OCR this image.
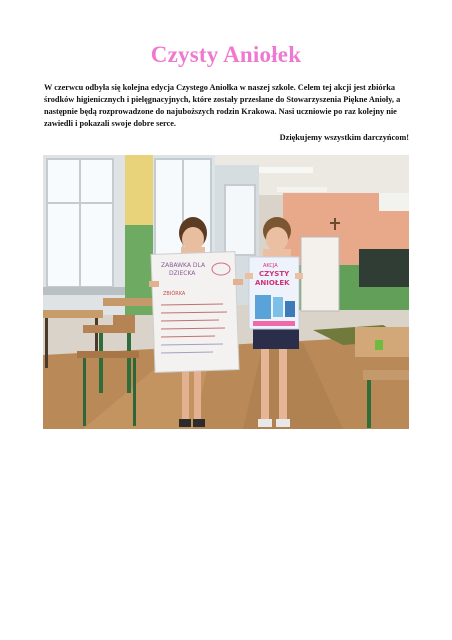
Czysty Aniołek
W czerwcu odbyła się kolejna edycja Czystego Aniołka w naszej szkole. Celem tej akcji jest zbiórka środków higienicznych i pielęgnacyjnych, które zostały przesłane do Stowarzyszenia Piękne Anioły, a następnie będą rozprowadzone do najuboższych rodzin Krakowa. Nasi uczniowie po raz kolejny nie zawiedli i pokazali swoje dobre serce.
Dziękujemy wszystkim darczyńcom!
ZABAWKA DLA
DZIECKA
ZBIÓRKA
AKCJA
CZYSTY
ANIOŁEK
